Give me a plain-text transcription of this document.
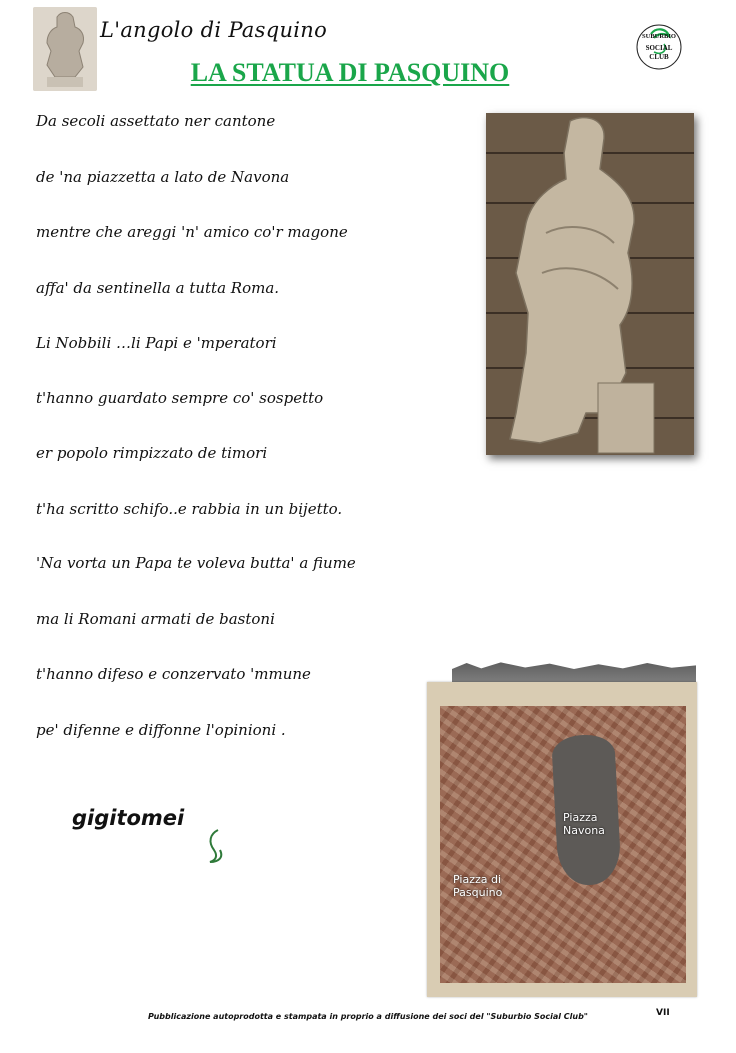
L'angolo di Pasquino
LA STATUA DI PASQUINO
SUBURBIO
SOCIAL
CLUB
Da secoli assettato ner cantone
de 'na piazzetta a lato de Navona
mentre che areggi 'n' amico co'r magone
affa' da sentinella a tutta Roma.
Li Nobbili …li Papi e 'mperatori
t'hanno guardato sempre co' sospetto
er popolo rimpizzato de timori
t'ha scritto schifo..e rabbia in un bijetto.
'Na vorta un Papa te voleva butta' a fiume
ma li Romani armati de bastoni
t'hanno difeso e conzervato 'mmune
pe' difenne e diffonne l'opinioni .
Piazza
Navona
Piazza di
Pasquino
gigitomei
Pubblicazione autoprodotta e stampata in proprio a diffusione dei soci del "Suburbio Social Club"	VII
